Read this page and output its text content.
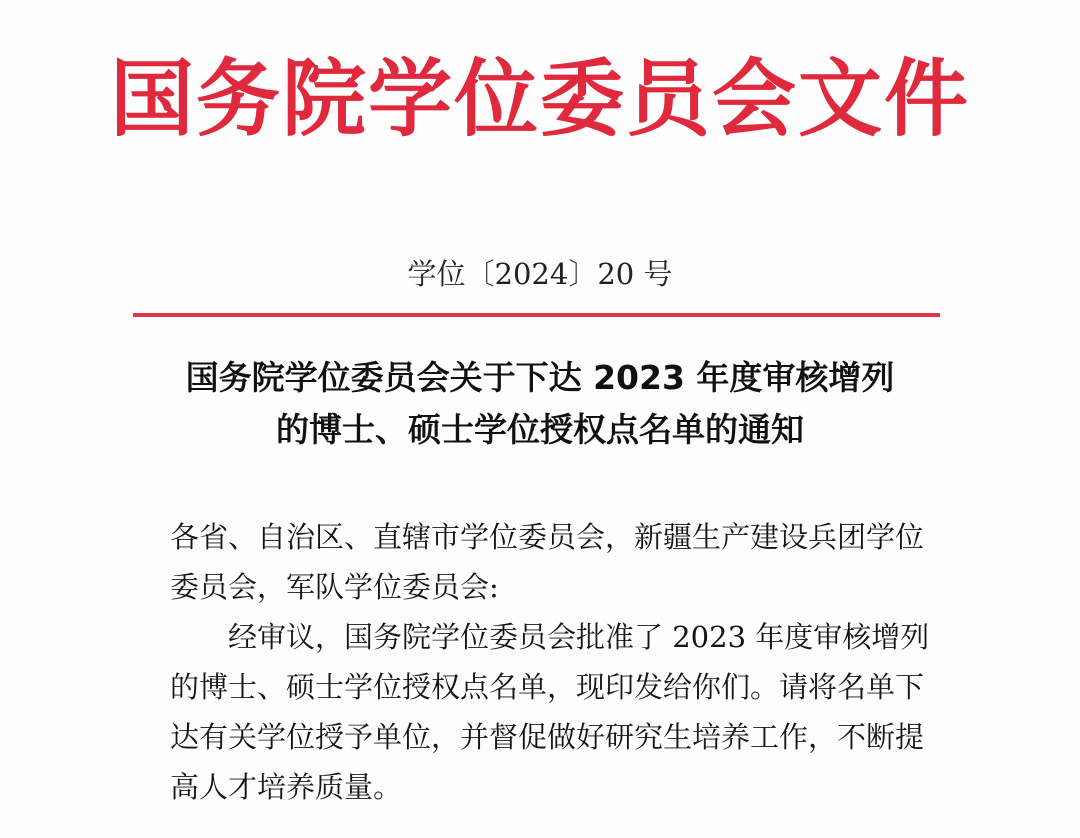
国务院学位委员会文件
学位〔2024〕20 号
国务院学位委员会关于下达 2023 年度审核增列
的博士、硕士学位授权点名单的通知

各省、自治区、直辖市学位委员会，新疆生产建设兵团学位

委员会，军队学位委员会:

经审议，国务院学位委员会批准了 2023 年度审核增列

的博士、硕士学位授权点名单，现印发给你们。请将名单下

达有关学位授予单位，并督促做好研究生培养工作，不断提

高人才培养质量。
